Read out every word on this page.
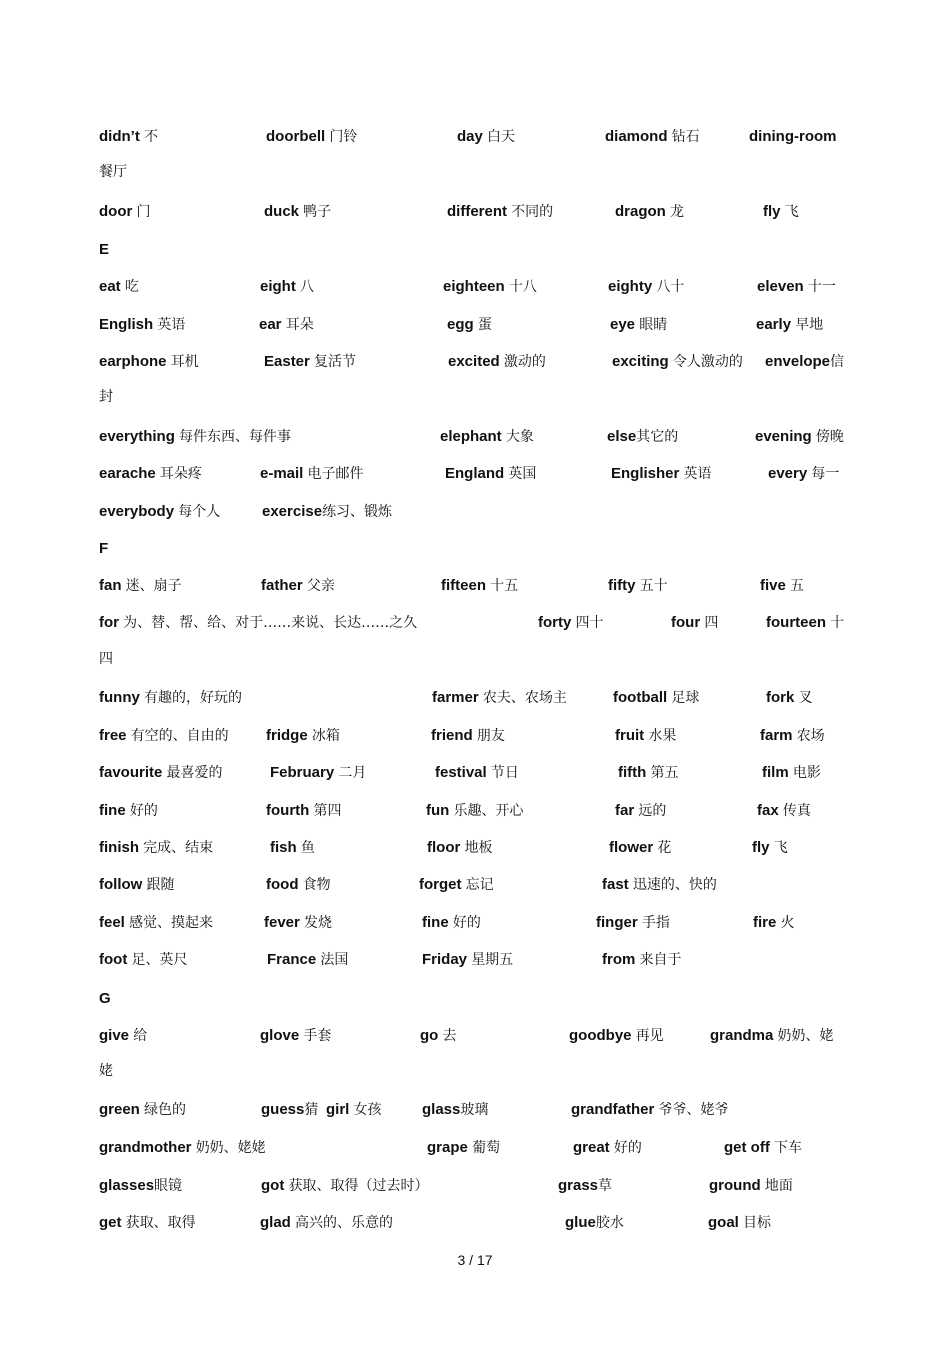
didn’t 不	doorbell 门铃	day 白天	diamond 钻石	dining-room
餐厅
door 门	duck 鸭子	different 不同的	dragon 龙	fly 飞
E
eat 吃	eight 八	eighteen 十八	eighty 八十	eleven 十一
English 英语	ear 耳朵	egg 蛋	eye 眼睛	early 早地
earphone 耳机	Easter 复活节	excited 激动的	exciting 令人激动的 envelope信
封
everything 每件东西、每件事	elephant 大象	else其它的	evening 傍晚
earache 耳朵疼	e-mail 电子邮件	England 英国	Englisher 英语	every 每一
everybody 每个人	exercise练习、锻炼
F
fan 迷、扇子	father 父亲	fifteen 十五	fifty 五十	five 五
for 为、替、帮、给、对于……来说、长达……之久	forty 四十	four 四	fourteen 十
四
funny 有趣的，好玩的	farmer 农夫、农场主	football 足球	fork 叉
free 有空的、自由的 fridge 冰箱	friend 朋友	fruit 水果	farm 农场
favourite 最喜爱的	February 二月	festival 节日	fifth 第五	film 电影
fine 好的	fourth 第四	fun 乐趣、开心	far 远的	fax 传真
finish 完成、结束	fish 鱼	floor 地板	flower 花	fly 飞
follow 跟随	food 食物	forget 忘记	fast 迅速的、快的
feel 感觉、摸起来	fever 发烧	fine 好的	finger 手指	fire 火
foot 足、英尺	France 法国	Friday 星期五	from 来自于
G
give 给	glove 手套	go 去	goodbye 再见	grandma 奶奶、姥
姥
green 绿色的	guess猜 girl 女孩	glass玻璃	grandfather 爷爷、姥爷
grandmother 奶奶、姥姥	grape 葡萄	great 好的	get off 下车
glasses眼镜	got 获取、取得（过去时）	grass草	ground 地面
get 获取、取得	glad 高兴的、乐意的	glue胶水	goal 目标
3 / 17
